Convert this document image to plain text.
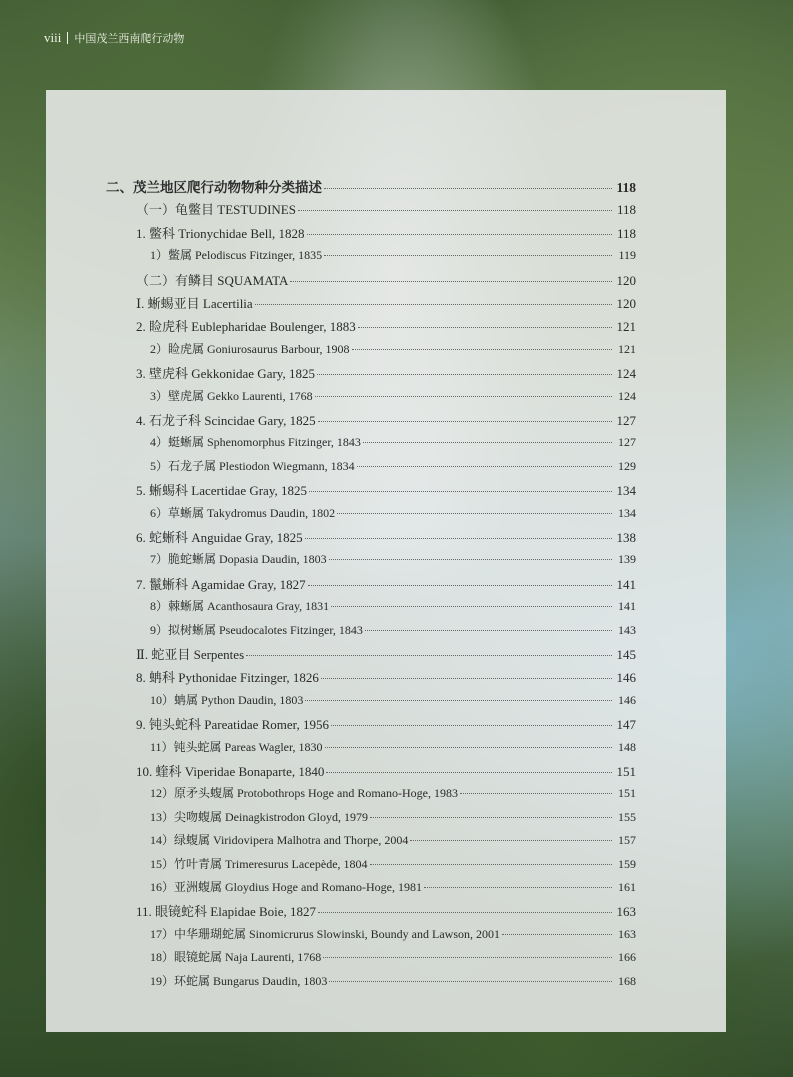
viii 中国茂兰西南爬行动物
二、茂兰地区爬行动物物种分类描述	118
（一）龟鳖目 TESTUDINES	118
1. 鳖科 Trionychidae Bell, 1828	118
1）鳖属 Pelodiscus Fitzinger, 1835	119
（二）有鳞目 SQUAMATA	120
Ⅰ. 蜥蜴亚目 Lacertilia	120
2. 睑虎科 Eublepharidae Boulenger, 1883	121
2）睑虎属 Goniurosaurus Barbour, 1908	121
3. 壁虎科 Gekkonidae Gary, 1825	124
3）壁虎属 Gekko Laurenti, 1768	124
4. 石龙子科 Scincidae Gary, 1825	127
4）蜓蜥属 Sphenomorphus Fitzinger, 1843	127
5）石龙子属 Plestiodon Wiegmann, 1834	129
5. 蜥蜴科 Lacertidae Gray, 1825	134
6）草蜥属 Takydromus Daudin, 1802	134
6. 蛇蜥科 Anguidae Gray, 1825	138
7）脆蛇蜥属 Dopasia Daudin, 1803	139
7. 鬣蜥科 Agamidae Gray, 1827	141
8）棘蜥属 Acanthosaura Gray, 1831	141
9）拟树蜥属 Pseudocalotes Fitzinger, 1843	143
Ⅱ. 蛇亚目 Serpentes	145
8. 蚺科 Pythonidae Fitzinger, 1826	146
10）蚺属 Python Daudin, 1803	146
9. 钝头蛇科 Pareatidae Romer, 1956	147
11）钝头蛇属 Pareas Wagler, 1830	148
10. 蝰科 Viperidae Bonaparte, 1840	151
12）原矛头蝮属 Protobothrops Hoge and Romano-Hoge, 1983	151
13）尖吻蝮属 Deinagkistrodon Gloyd, 1979	155
14）绿蝮属 Viridovipera Malhotra and Thorpe, 2004	157
15）竹叶青属 Trimeresurus Lacepède, 1804	159
16）亚洲蝮属 Gloydius Hoge and Romano-Hoge, 1981	161
11. 眼镜蛇科 Elapidae Boie, 1827	163
17）中华珊瑚蛇属 Sinomicrurus Slowinski, Boundy and Lawson, 2001	163
18）眼镜蛇属 Naja Laurenti, 1768	166
19）环蛇属 Bungarus Daudin, 1803	168
